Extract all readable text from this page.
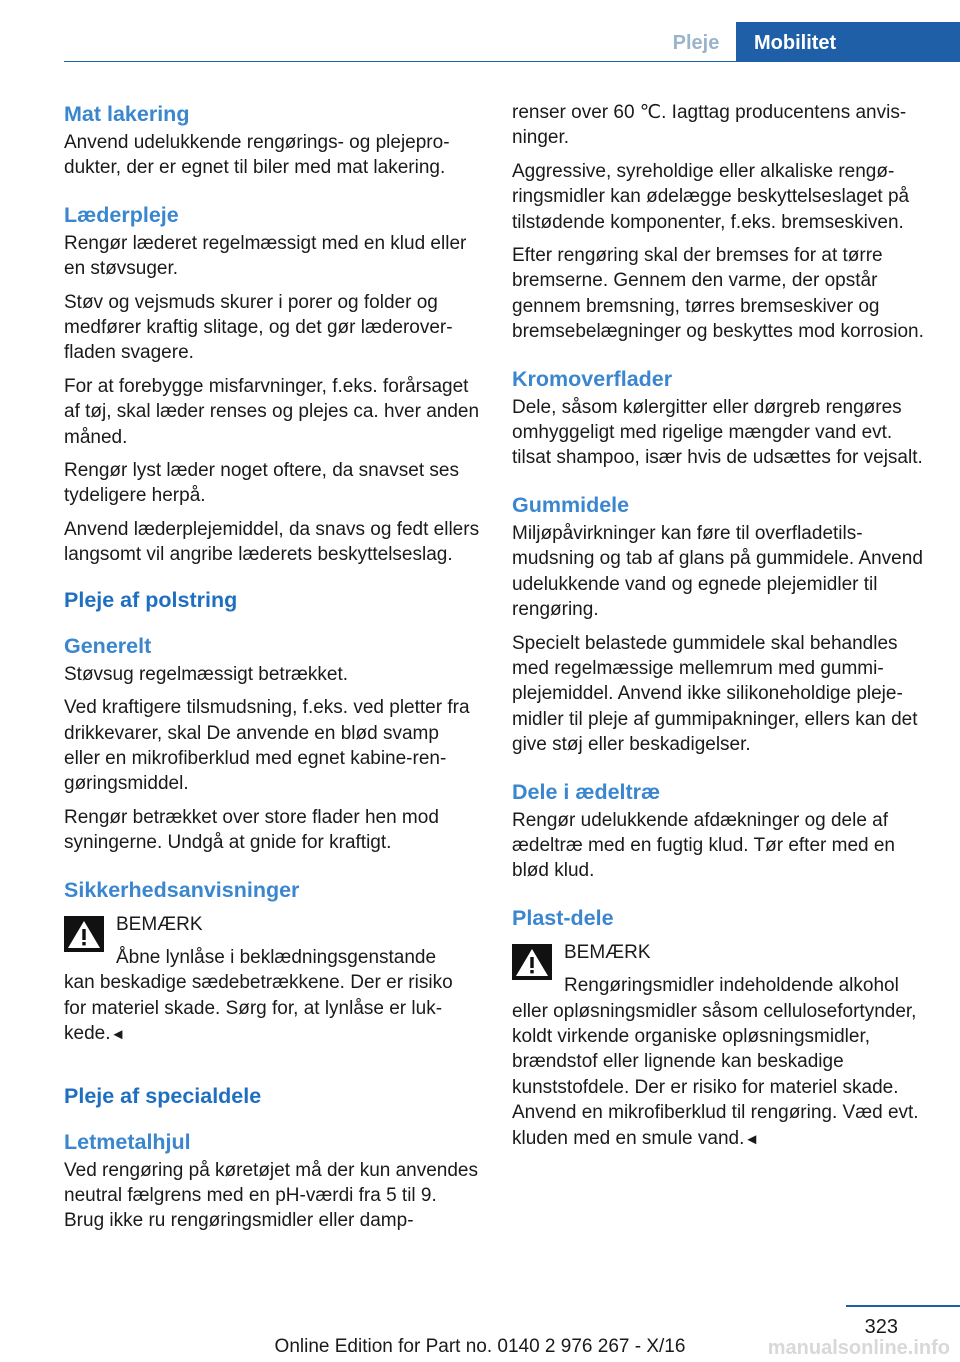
Pleje	Mobilitet
Mat lakering

Anvend udelukkende rengørings- og plejeprodukter, der er egnet til biler med mat lakering.

Læderpleje

Rengør læderet regelmæssigt med en klud eller en støvsuger.

Støv og vejsmuds skurer i porer og folder og medfører kraftig slitage, og det gør læderoverfladen svagere.

For at forebygge misfarvninger, f.eks. forårsaget af tøj, skal læder renses og plejes ca. hver anden måned.

Rengør lyst læder noget oftere, da snavset ses tydeligere herpå.

Anvend læderplejemiddel, da snavs og fedt ellers langsomt vil angribe læderets beskyttelseslag.

Pleje af polstring
Generelt

Støvsug regelmæssigt betrækket.

Ved kraftigere tilsmudsning, f.eks. ved pletter fra drikkevarer, skal De anvende en blød svamp eller en mikrofiberklud med egnet kabine-rengøringsmiddel.

Rengør betrækket over store flader hen mod syningerne. Undgå at gnide for kraftigt.

Sikkerhedsanvisninger

BEMÆRK

Åbne lynlåse i beklædningsgenstande

kan beskadige sædebetrækkene. Der er risiko for materiel skade. Sørg for, at lynlåse er lukkede.◄

Pleje af specialdele
Letmetalhjul

Ved rengøring på køretøjet må der kun anvendes neutral fælgrens med en pH-værdi fra 5 til 9. Brug ikke ru rengøringsmidler eller damp-

renser over 60 ℃. Iagttag producentens anvisninger.

Aggressive, syreholdige eller alkaliske rengøringsmidler kan ødelægge beskyttelseslaget på tilstødende komponenter, f.eks. bremseskiven.

Efter rengøring skal der bremses for at tørre bremserne. Gennem den varme, der opstår gennem bremsning, tørres bremseskiver og bremsebelægninger og beskyttes mod korrosion.

Kromoverflader

Dele, såsom kølergitter eller dørgreb rengøres omhyggeligt med rigelige mængder vand evt. tilsat shampoo, især hvis de udsættes for vejsalt.

Gummidele

Miljøpåvirkninger kan føre til overfladetilsmudsning og tab af glans på gummidele. Anvend udelukkende vand og egnede plejemidler til rengøring.

Specielt belastede gummidele skal behandles med regelmæssige mellemrum med gummiplejemiddel. Anvend ikke silikoneholdige plejemidler til pleje af gummipakninger, ellers kan det give støj eller beskadigelser.

Dele i ædeltræ

Rengør udelukkende afdækninger og dele af ædeltræ med en fugtig klud. Tør efter med en blød klud.

Plast-dele

BEMÆRK

Rengøringsmidler indeholdende alkohol

eller opløsningsmidler såsom cellulosefortynder, koldt virkende organiske opløsningsmidler, brændstof eller lignende kan beskadige kunststofdele. Der er risiko for materiel skade. Anvend en mikrofiberklud til rengøring. Væd evt. kluden med en smule vand.◄

323
Online Edition for Part no. 0140 2 976 267 - X/16	manualsonline.info
